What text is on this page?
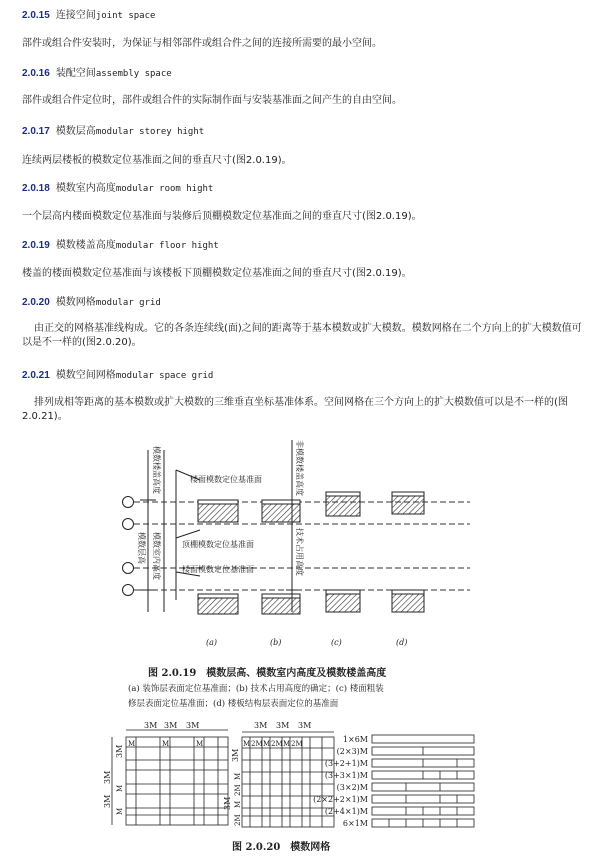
2.0.15 连接空间joint space
部件或组合件安装时，为保证与相邻部件或组合件之间的连接所需要的最小空间。
2.0.16 装配空间assembly space
部件或组合件定位时，部件或组合件的实际制作面与安装基准面之间产生的自由空间。
2.0.17 模数层高modular storey hight
连续两层楼板的模数定位基准面之间的垂直尺寸(图2.0.19)。
2.0.18 模数室内高度modular room hight
一个层高内楼面模数定位基准面与装修后顶棚模数定位基准面之间的垂直尺寸(图2.0.19)。
2.0.19 模数楼盖高度modular floor hight
楼盖的楼面模数定位基准面与该楼板下顶棚模数定位基准面之间的垂直尺寸(图2.0.19)。
2.0.20 模数网格modular grid
由正交的网格基准线构成。它的各条连续线(面)之间的距离等于基本模数或扩大模数。模数网格在二个方向上的扩大模数值可以是不一样的(图2.0.20)。
2.0.21 模数空间网格modular space grid
排列成相等距离的基本模数或扩大模数的三维垂直坐标基准体系。空间网格在三个方向上的扩大模数值可以是不一样的(图2.0.21)。
模数楼盖高度
模数层高 模数室内高度
非模数楼盖高度
技术占用高度
楼面模数定位基准面
顶棚模数定位基准面
楼面模数定位基准面
(a)	(b)	(c)	(d)
3M 3M 3M
M	M	M
3M
3M
3M
M
M
3M 3M 3M
M 2M M 2M M 2M
3M
3M
M
2M
M
2M
1×6M
(2×3)M
(3+2+1)M
(3+3×1)M
(3×2)M
(2×2+2×1)M
(2+4×1)M
6×1M
图 2.0.19　模数层高、模数室内高度及模数楼盖高度
(a) 装饰层表面定位基准面；(b) 技术占用高度的确定；(c) 楼面粗装
修层表面定位基准面；(d) 楼板结构层表面定位的基准面
图 2.0.20　模数网格
